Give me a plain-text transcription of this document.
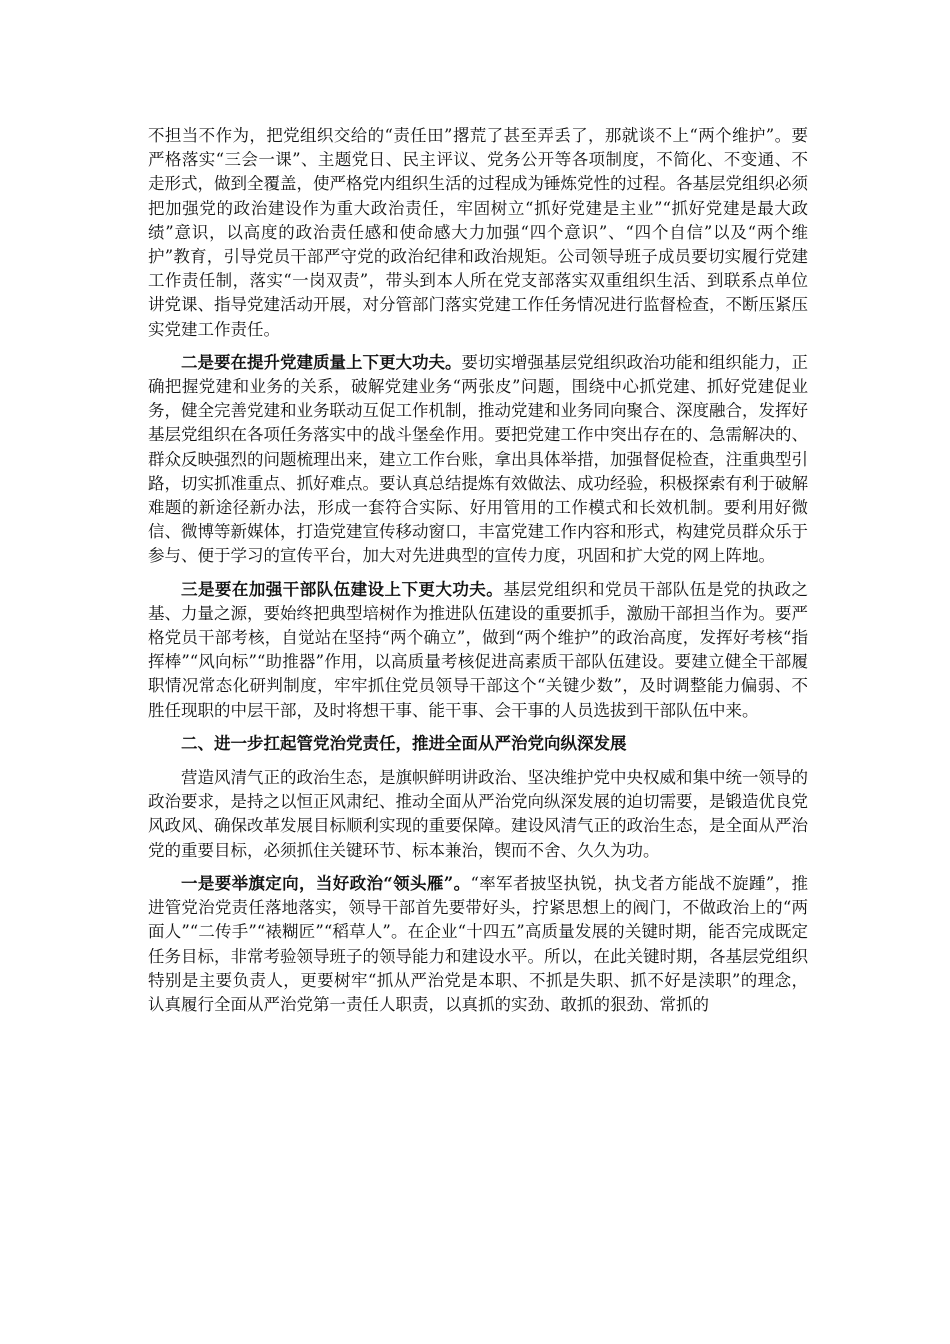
不担当不作为，把党组织交给的“责任田”撂荒了甚至弄丢了，那就谈不上“两个维护”。要严格落实“三会一课”、主题党日、民主评议、党务公开等各项制度，不简化、不变通、不走形式，做到全覆盖，使严格党内组织生活的过程成为锤炼党性的过程。各基层党组织必须把加强党的政治建设作为重大政治责任，牢固树立“抓好党建是主业”“抓好党建是最大政绩”意识，以高度的政治责任感和使命感大力加强“四个意识”、“四个自信”以及“两个维护”教育，引导党员干部严守党的政治纪律和政治规矩。公司领导班子成员要切实履行党建工作责任制，落实“一岗双责”，带头到本人所在党支部落实双重组织生活、到联系点单位讲党课、指导党建活动开展，对分管部门落实党建工作任务情况进行监督检查，不断压紧压实党建工作责任。

二是要在提升党建质量上下更大功夫。要切实增强基层党组织政治功能和组织能力，正确把握党建和业务的关系，破解党建业务“两张皮”问题，围绕中心抓党建、抓好党建促业务，健全完善党建和业务联动互促工作机制，推动党建和业务同向聚合、深度融合，发挥好基层党组织在各项任务落实中的战斗堡垒作用。要把党建工作中突出存在的、急需解决的、群众反映强烈的问题梳理出来，建立工作台账，拿出具体举措，加强督促检查，注重典型引路，切实抓准重点、抓好难点。要认真总结提炼有效做法、成功经验，积极探索有利于破解难题的新途径新办法，形成一套符合实际、好用管用的工作模式和长效机制。要利用好微信、微博等新媒体，打造党建宣传移动窗口，丰富党建工作内容和形式，构建党员群众乐于参与、便于学习的宣传平台，加大对先进典型的宣传力度，巩固和扩大党的网上阵地。

三是要在加强干部队伍建设上下更大功夫。基层党组织和党员干部队伍是党的执政之基、力量之源，要始终把典型培树作为推进队伍建设的重要抓手，激励干部担当作为。要严格党员干部考核，自觉站在坚持“两个确立”，做到“两个维护”的政治高度，发挥好考核“指挥棒”“风向标”“助推器”作用，以高质量考核促进高素质干部队伍建设。要建立健全干部履职情况常态化研判制度，牢牢抓住党员领导干部这个“关键少数”，及时调整能力偏弱、不胜任现职的中层干部，及时将想干事、能干事、会干事的人员选拔到干部队伍中来。

二、进一步扛起管党治党责任，推进全面从严治党向纵深发展

营造风清气正的政治生态，是旗帜鲜明讲政治、坚决维护党中央权威和集中统一领导的政治要求，是持之以恒正风肃纪、推动全面从严治党向纵深发展的迫切需要，是锻造优良党风政风、确保改革发展目标顺利实现的重要保障。建设风清气正的政治生态，是全面从严治党的重要目标，必须抓住关键环节、标本兼治，锲而不舍、久久为功。

一是要举旗定向，当好政治“领头雁”。“率军者披坚执锐，执戈者方能战不旋踵”，推进管党治党责任落地落实，领导干部首先要带好头，拧紧思想上的阀门，不做政治上的“两面人”“二传手”“裱糊匠”“稻草人”。在企业“十四五”高质量发展的关键时期，能否完成既定任务目标，非常考验领导班子的领导能力和建设水平。所以，在此关键时期，各基层党组织特别是主要负责人，更要树牢“抓从严治党是本职、不抓是失职、抓不好是渎职”的理念，认真履行全面从严治党第一责任人职责，以真抓的实劲、敢抓的狠劲、常抓的
